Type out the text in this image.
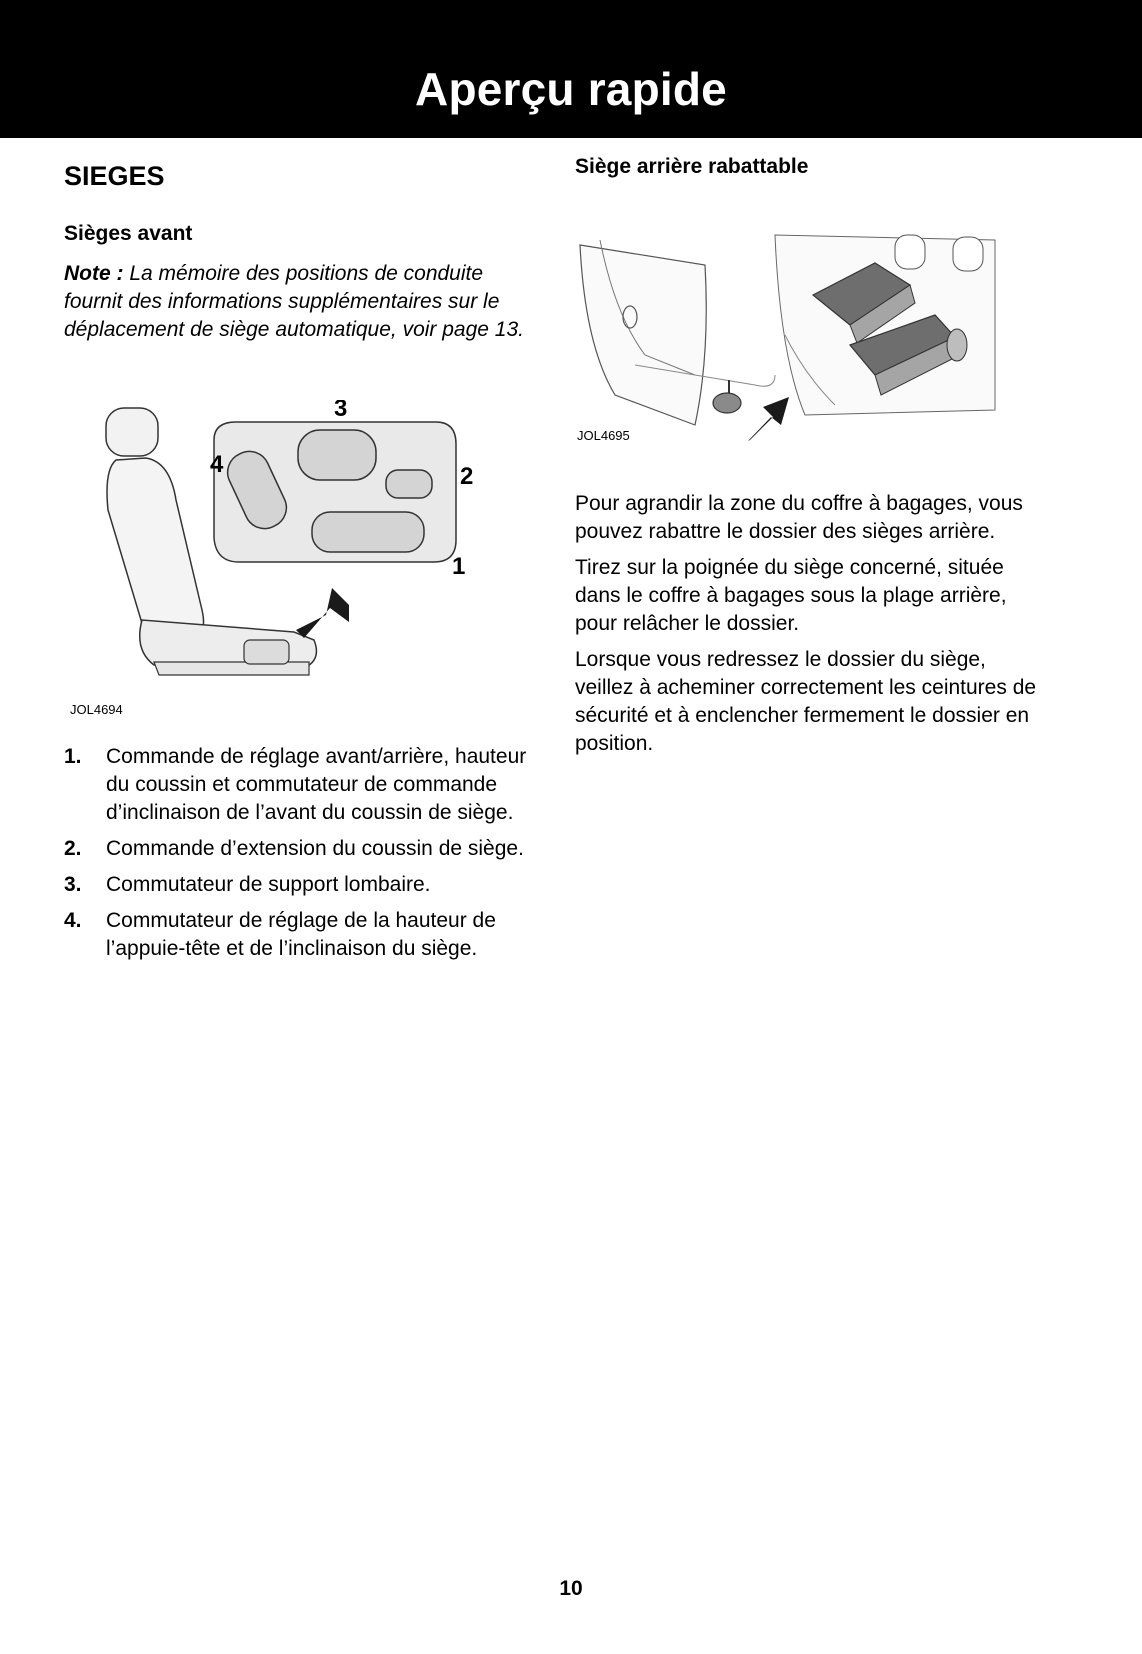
Aperçu rapide
SIEGES
Sièges avant

Note : La mémoire des positions de conduite fournit des informations supplémentaires sur le déplacement de siège automatique, voir page 13.

3
4	2
1
JOL4694
1.	Commande de réglage avant/arrière, hauteur du coussin et commutateur de commande d’inclinaison de l’avant du coussin de siège.
2.	Commande d’extension du coussin de siège.
3.	Commutateur de support lombaire.
4.	Commutateur de réglage de la hauteur de l’appuie-tête et de l’inclinaison du siège.
Siège arrière rabattable
JOL4695

Pour agrandir la zone du coffre à bagages, vous pouvez rabattre le dossier des sièges arrière.

Tirez sur la poignée du siège concerné, située dans le coffre à bagages sous la plage arrière, pour relâcher le dossier.

Lorsque vous redressez le dossier du siège, veillez à acheminer correctement les ceintures de sécurité et à enclencher fermement le dossier en position.

10
